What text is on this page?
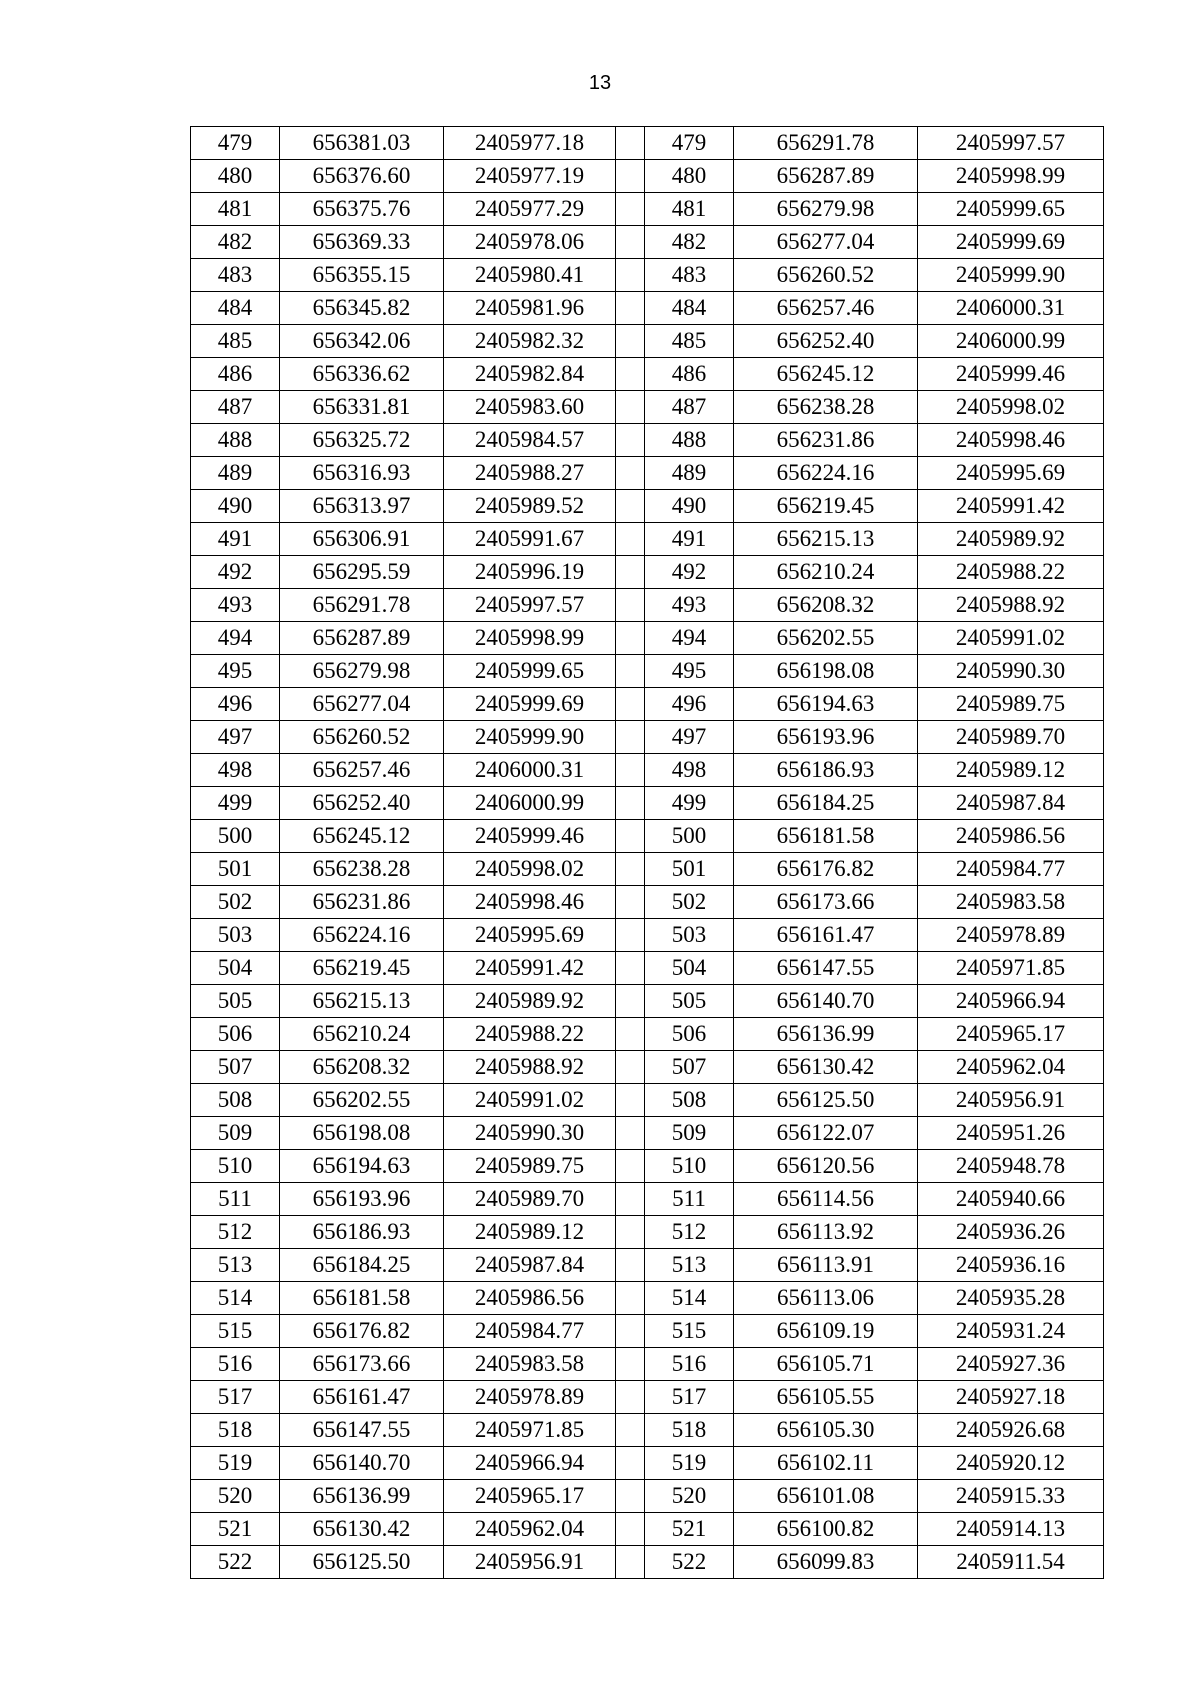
13
479	656381.03	2405977.18		479	656291.78	2405997.57
480	656376.60	2405977.19		480	656287.89	2405998.99
481	656375.76	2405977.29		481	656279.98	2405999.65
482	656369.33	2405978.06		482	656277.04	2405999.69
483	656355.15	2405980.41		483	656260.52	2405999.90
484	656345.82	2405981.96		484	656257.46	2406000.31
485	656342.06	2405982.32		485	656252.40	2406000.99
486	656336.62	2405982.84		486	656245.12	2405999.46
487	656331.81	2405983.60		487	656238.28	2405998.02
488	656325.72	2405984.57		488	656231.86	2405998.46
489	656316.93	2405988.27		489	656224.16	2405995.69
490	656313.97	2405989.52		490	656219.45	2405991.42
491	656306.91	2405991.67		491	656215.13	2405989.92
492	656295.59	2405996.19		492	656210.24	2405988.22
493	656291.78	2405997.57		493	656208.32	2405988.92
494	656287.89	2405998.99		494	656202.55	2405991.02
495	656279.98	2405999.65		495	656198.08	2405990.30
496	656277.04	2405999.69		496	656194.63	2405989.75
497	656260.52	2405999.90		497	656193.96	2405989.70
498	656257.46	2406000.31		498	656186.93	2405989.12
499	656252.40	2406000.99		499	656184.25	2405987.84
500	656245.12	2405999.46		500	656181.58	2405986.56
501	656238.28	2405998.02		501	656176.82	2405984.77
502	656231.86	2405998.46		502	656173.66	2405983.58
503	656224.16	2405995.69		503	656161.47	2405978.89
504	656219.45	2405991.42		504	656147.55	2405971.85
505	656215.13	2405989.92		505	656140.70	2405966.94
506	656210.24	2405988.22		506	656136.99	2405965.17
507	656208.32	2405988.92		507	656130.42	2405962.04
508	656202.55	2405991.02		508	656125.50	2405956.91
509	656198.08	2405990.30		509	656122.07	2405951.26
510	656194.63	2405989.75		510	656120.56	2405948.78
511	656193.96	2405989.70		511	656114.56	2405940.66
512	656186.93	2405989.12		512	656113.92	2405936.26
513	656184.25	2405987.84		513	656113.91	2405936.16
514	656181.58	2405986.56		514	656113.06	2405935.28
515	656176.82	2405984.77		515	656109.19	2405931.24
516	656173.66	2405983.58		516	656105.71	2405927.36
517	656161.47	2405978.89		517	656105.55	2405927.18
518	656147.55	2405971.85		518	656105.30	2405926.68
519	656140.70	2405966.94		519	656102.11	2405920.12
520	656136.99	2405965.17		520	656101.08	2405915.33
521	656130.42	2405962.04		521	656100.82	2405914.13
522	656125.50	2405956.91		522	656099.83	2405911.54
